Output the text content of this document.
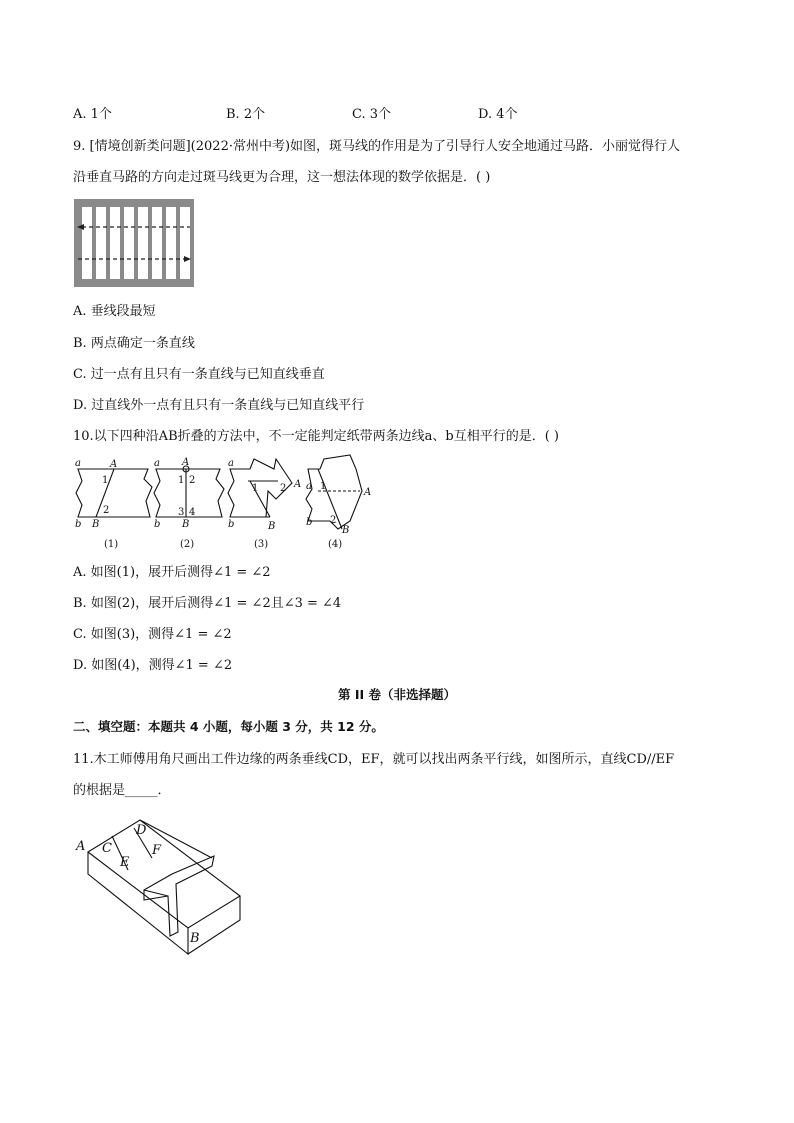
A. 1个	B. 2个	C. 3个	D. 4个
9. [情境创新类问题](2022·常州中考)如图，斑马线的作用是为了引导行人安全地通过马路．小丽觉得行人
沿垂直马路的方向走过斑马线更为合理，这一想法体现的数学依据是．( )
A. 垂线段最短
B. 两点确定一条直线
C. 过一点有且只有一条直线与已知直线垂直
D. 过直线外一点有且只有一条直线与已知直线平行
10.以下四种沿AB折叠的方法中，不一定能判定纸带两条边线a、b互相平行的是．( )
a	A
1
2
b B
a A
1 2
3 4
b B
a
A
1 2
b	B
a
A
1
2
b
B
(1)	(2)	(3)	(4)
A. 如图(1)，展开后测得∠1 = ∠2
B. 如图(2)，展开后测得∠1 = ∠2且∠3 = ∠4
C. 如图(3)，测得∠1 = ∠2
D. 如图(4)，测得∠1 = ∠2
第 II 卷（非选择题）
二、填空题：本题共 4 小题，每小题 3 分，共 12 分。
11.木工师傅用角尺画出工件边缘的两条垂线CD，EF，就可以找出两条平行线，如图所示，直线CD//EF
的根据是_____．
A C
D
E
F
B
